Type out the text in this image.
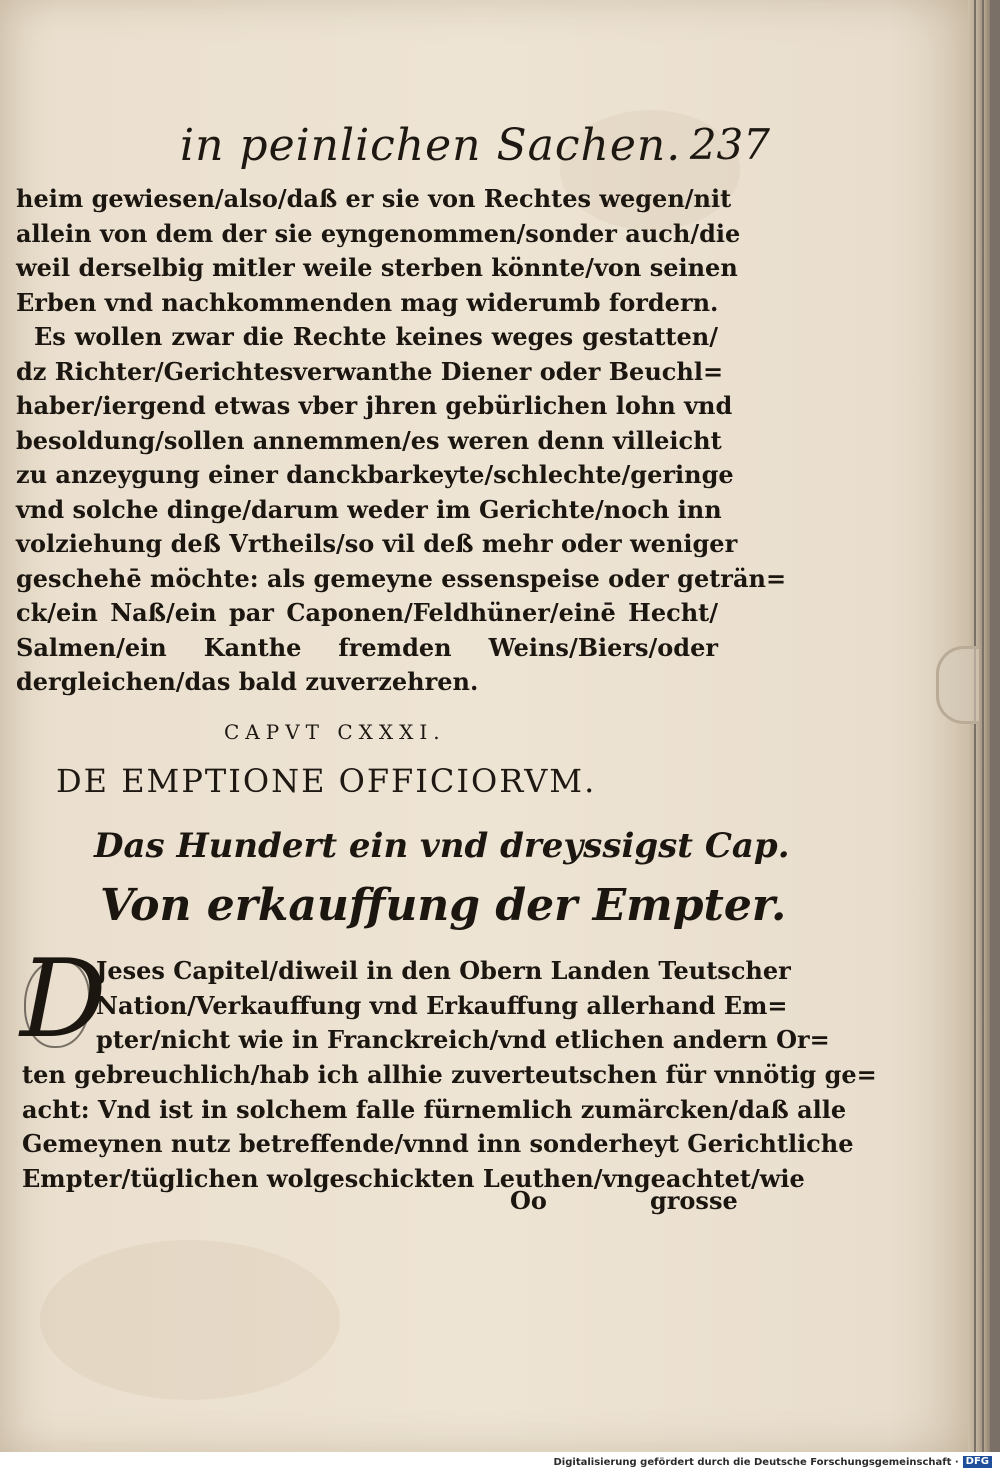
in peinlichen Sachen. 237
heim gewiesen/also/daß er sie von Rechtes wegen/nit
allein von dem der sie eyngenommen/sonder auch/die
weil derselbig mitler weile sterben könnte/von seinen
Erben vnd nachkommenden mag widerumb fordern.
Es wollen zwar die Rechte keines weges gestatten/
dz Richter/Gerichtesverwanthe Diener oder Beuchl=
haber/iergend etwas vber jhren gebürlichen lohn vnd
besoldung/sollen annemmen/es weren denn villeicht
zu anzeygung einer danckbarkeyte/schlechte/geringe
vnd solche dinge/darum weder im Gerichte/noch inn
volziehung deß Vrtheils/so vil deß mehr oder weniger
geschehē möchte: als gemeyne essenspeise oder geträn=
ck/ein Naß/ein par Caponen/Feldhüner/einē Hecht/
Salmen/ein Kanthe fremden Weins/Biers/oder
dergleichen/das bald zuverzehren.
CAPVT CXXXI.
DE EMPTIONE OFFICIORVM.
Das Hundert ein vnd dreyssigst Cap.
Von erkauffung der Empter.
D
Jeses Capitel/diweil in den Obern Landen Teutscher
Nation/Verkauffung vnd Erkauffung allerhand Em=
pter/nicht wie in Franckreich/vnd etlichen andern Or=
ten gebreuchlich/hab ich allhie zuverteutschen für vnnötig ge=
acht: Vnd ist in solchem falle fürnemlich zumärcken/daß alle
Gemeynen nutz betreffende/vnnd inn sonderheyt Gerichtliche
Empter/tüglichen wolgeschickten Leuthen/vngeachtet/wie
Oo	grosse
Digitalisierung gefördert durch die Deutsche Forschungsgemeinschaft · DFG
